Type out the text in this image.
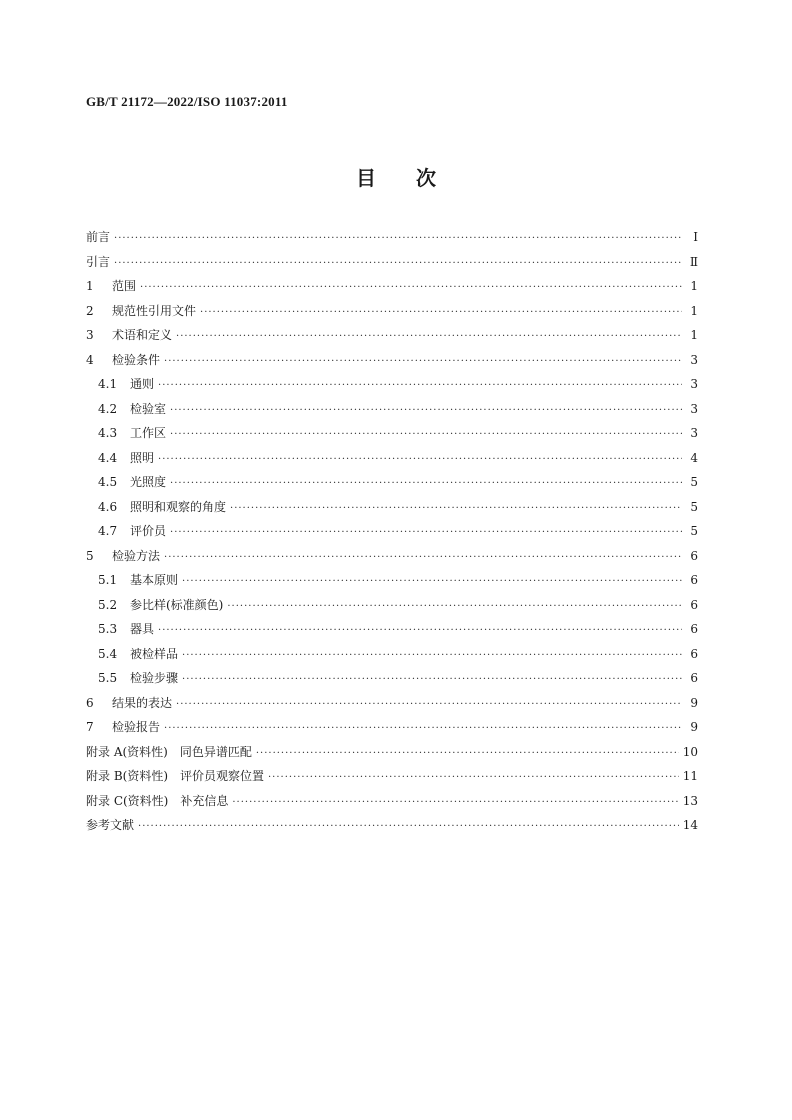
GB/T 21172—2022/ISO 11037:2011
目　　次
前言 ·····	Ⅰ
引言 ·····	Ⅱ
1	范围 ·····	1
2	规范性引用文件 ·····	1
3	术语和定义 ·····	1
4	检验条件 ·····	3
4.1	通则 ·····	3
4.2	检验室 ·····	3
4.3	工作区 ·····	3
4.4	照明 ·····	4
4.5	光照度 ·····	5
4.6	照明和观察的角度 ·····	5
4.7	评价员 ·····	5
5	检验方法 ·····	6
5.1	基本原则 ·····	6
5.2	参比样(标准颜色) ·····	6
5.3	器具 ·····	6
5.4	被检样品 ·····	6
5.5	检验步骤 ·····	6
6	结果的表达 ·····	9
7	检验报告 ·····	9
附录 A(资料性)　同色异谱匹配 ·····	10
附录 B(资料性)　评价员观察位置 ·····	11
附录 C(资料性)　补充信息 ·····	13
参考文献 ·····	14
